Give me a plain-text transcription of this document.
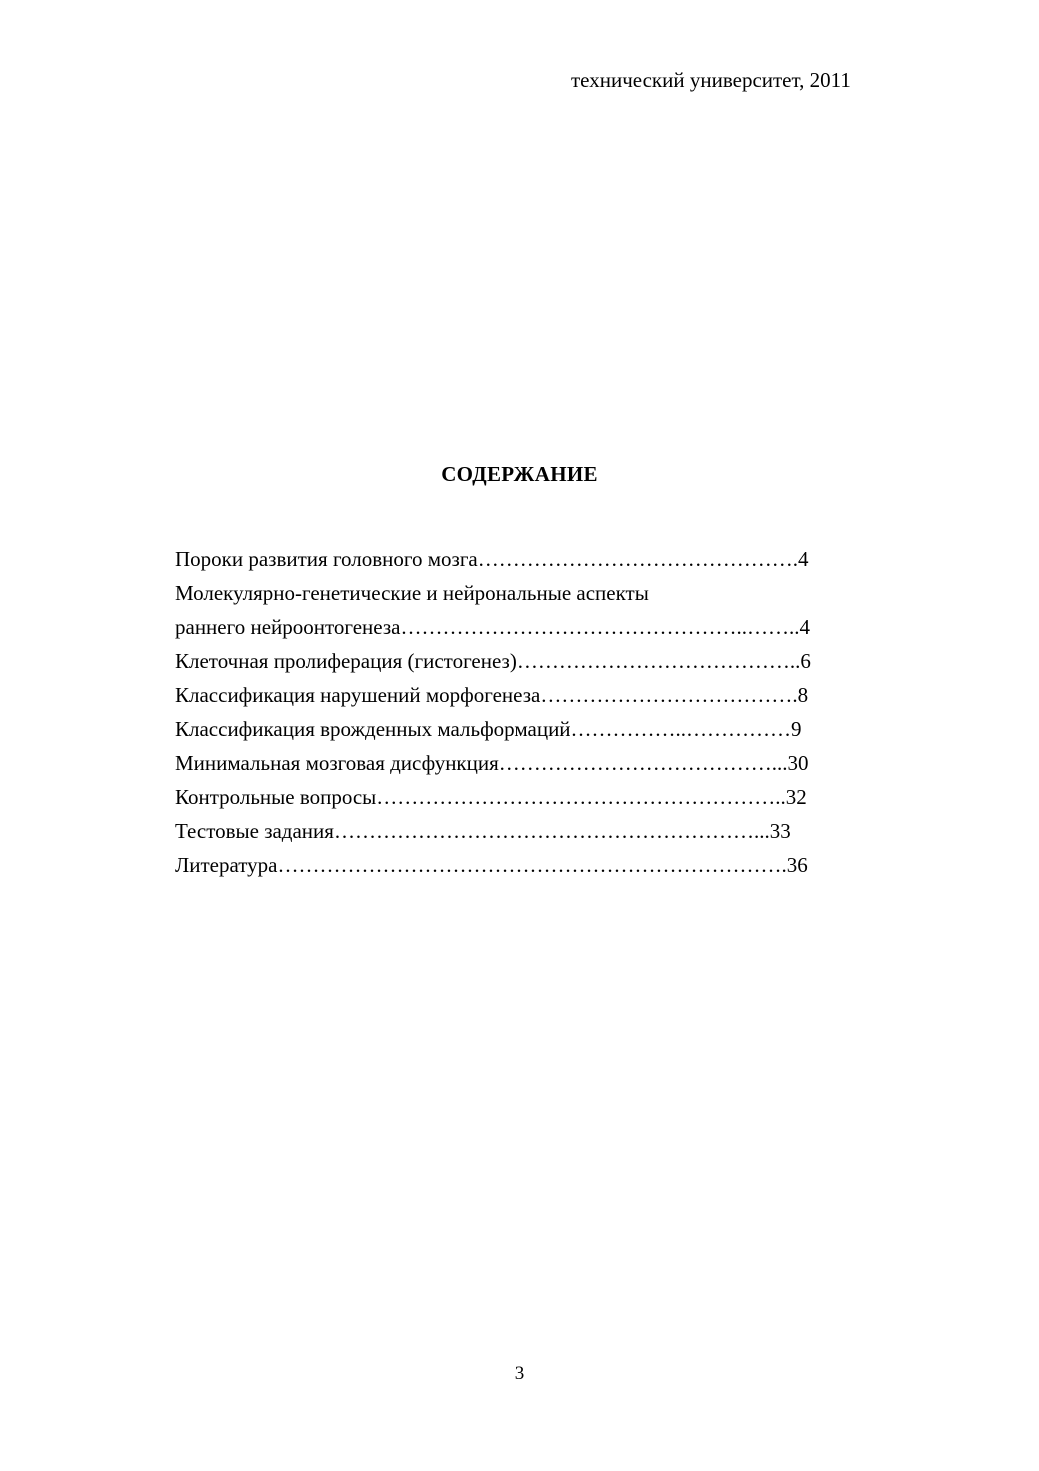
технический университет, 2011
СОДЕРЖАНИЕ
Пороки развития головного мозга……………………………………….4
Молекулярно-генетические и нейрональные аспекты
раннего нейроонтогенеза…………………………………………..……..4
Клеточная пролиферация (гистогенез)…………………………………..6
Классификация нарушений морфогенеза……………………………….8
Классификация врожденных мальформаций……………..……………9
Минимальная мозговая дисфункция…………………………………...30
Контрольные вопросы…………………………………………………..32
Тестовые задания……………………………………………………...33
Литература……………………………………………………………….36
3
